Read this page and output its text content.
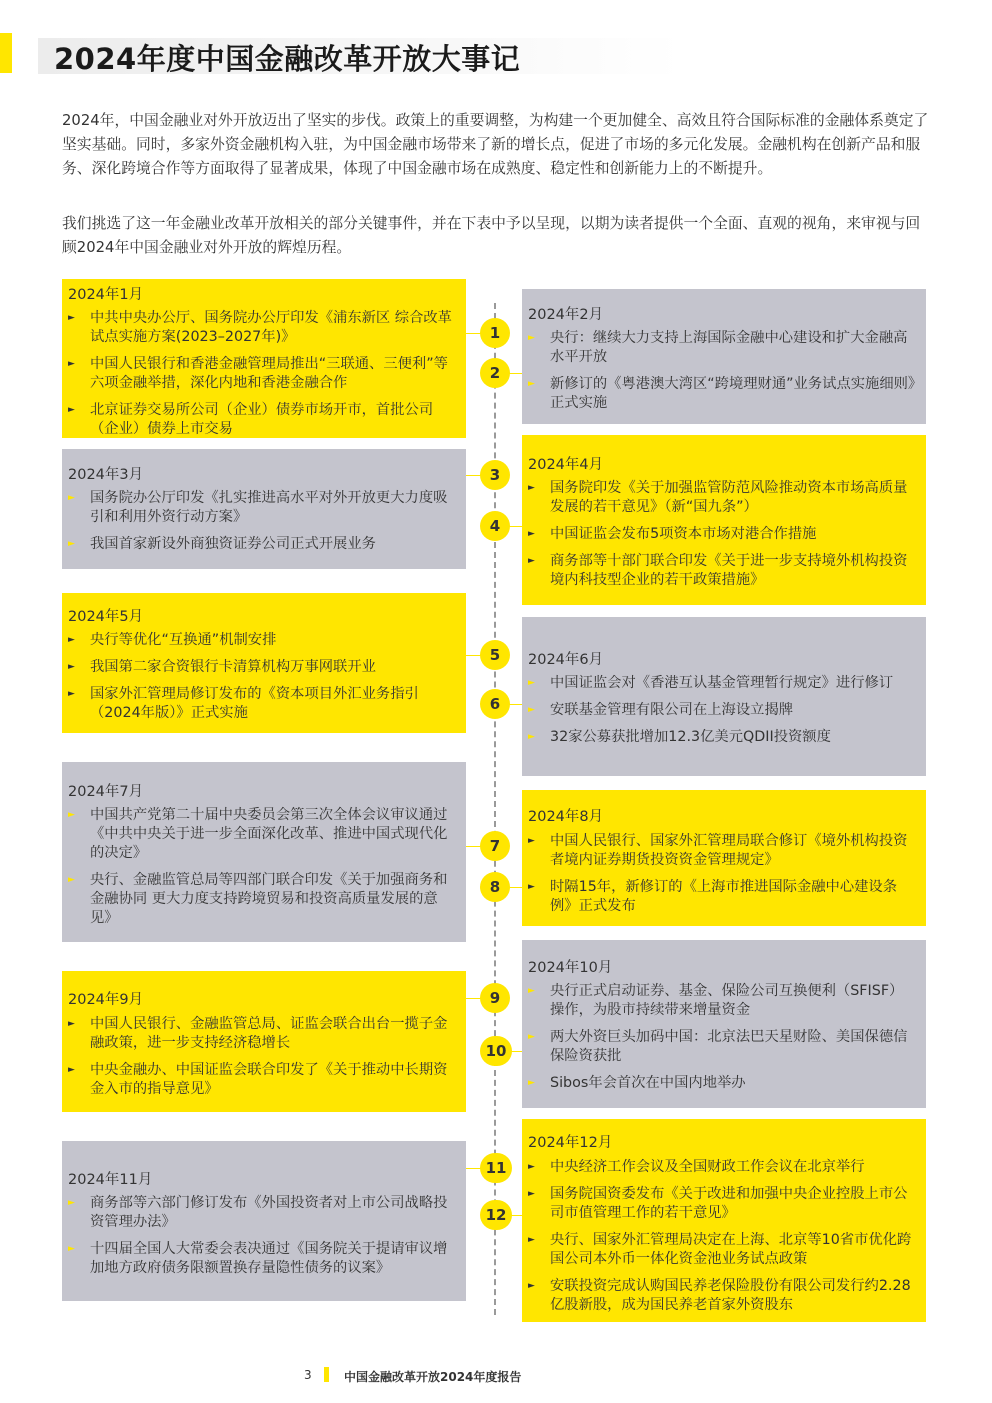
2024年度中国金融改革开放大事记

2024年，中国金融业对外开放迈出了坚实的步伐。政策上的重要调整，为构建一个更加健全、高效且符合国际标准的金融体系奠定了坚实基础。同时，多家外资金融机构入驻，为中国金融市场带来了新的增长点，促进了市场的多元化发展。金融机构在创新产品和服务、深化跨境合作等方面取得了显著成果，体现了中国金融市场在成熟度、稳定性和创新能力上的不断提升。

我们挑选了这一年金融业改革开放相关的部分关键事件，并在下表中予以呈现，以期为读者提供一个全面、直观的视角，来审视与回顾2024年中国金融业对外开放的辉煌历程。

2024年1月
► 中共中央办公厅、国务院办公厅印发《浦东新区 综合改革试点实施方案(2023–2027年)》
► 中国人民银行和香港金融管理局推出“三联通、三便利”等六项金融举措，深化内地和香港金融合作
► 北京证券交易所公司（企业）债券市场开市，首批公司（企业）债券上市交易
2024年2月
► 央行：继续大力支持上海国际金融中心建设和扩大金融高水平开放
► 新修订的《粤港澳大湾区“跨境理财通”业务试点实施细则》正式实施
2024年3月
► 国务院办公厅印发《扎实推进高水平对外开放更大力度吸引和利用外资行动方案》
► 我国首家新设外商独资证券公司正式开展业务
2024年4月
► 国务院印发《关于加强监管防范风险推动资本市场高质量发展的若干意见》（新“国九条”）
► 中国证监会发布5项资本市场对港合作措施
► 商务部等十部门联合印发《关于进一步支持境外机构投资境内科技型企业的若干政策措施》
2024年5月
► 央行等优化“互换通”机制安排
► 我国第二家合资银行卡清算机构万事网联开业
► 国家外汇管理局修订发布的《资本项目外汇业务指引（2024年版）》正式实施
2024年6月
► 中国证监会对《香港互认基金管理暂行规定》进行修订
► 安联基金管理有限公司在上海设立揭牌
► 32家公募获批增加12.3亿美元QDII投资额度
2024年7月
► 中国共产党第二十届中央委员会第三次全体会议审议通过《中共中央关于进一步全面深化改革、推进中国式现代化的决定》
► 央行、金融监管总局等四部门联合印发《关于加强商务和金融协同 更大力度支持跨境贸易和投资高质量发展的意见》
2024年8月
► 中国人民银行、国家外汇管理局联合修订《境外机构投资者境内证券期货投资资金管理规定》
► 时隔15年，新修订的《上海市推进国际金融中心建设条例》正式发布
2024年9月
► 中国人民银行、金融监管总局、证监会联合出台一揽子金融政策，进一步支持经济稳增长
► 中央金融办、中国证监会联合印发了《关于推动中长期资金入市的指导意见》
2024年10月
► 央行正式启动证券、基金、保险公司互换便利（SFISF）操作，为股市持续带来增量资金
► 两大外资巨头加码中国：北京法巴天星财险、美国保德信保险资获批
► Sibos年会首次在中国内地举办
2024年11月
► 商务部等六部门修订发布《外国投资者对上市公司战略投资管理办法》
► 十四届全国人大常委会表决通过《国务院关于提请审议增加地方政府债务限额置换存量隐性债务的议案》
2024年12月
► 中央经济工作会议及全国财政工作会议在北京举行
► 国务院国资委发布《关于改进和加强中央企业控股上市公司市值管理工作的若干意见》
► 央行、国家外汇管理局决定在上海、北京等10省市优化跨国公司本外币一体化资金池业务试点政策
► 安联投资完成认购国民养老保险股份有限公司发行约2.28亿股新股，成为国民养老首家外资股东
1
2
3
4
5
6
7
8
9
10
11
12
3	中国金融改革开放2024年度报告
